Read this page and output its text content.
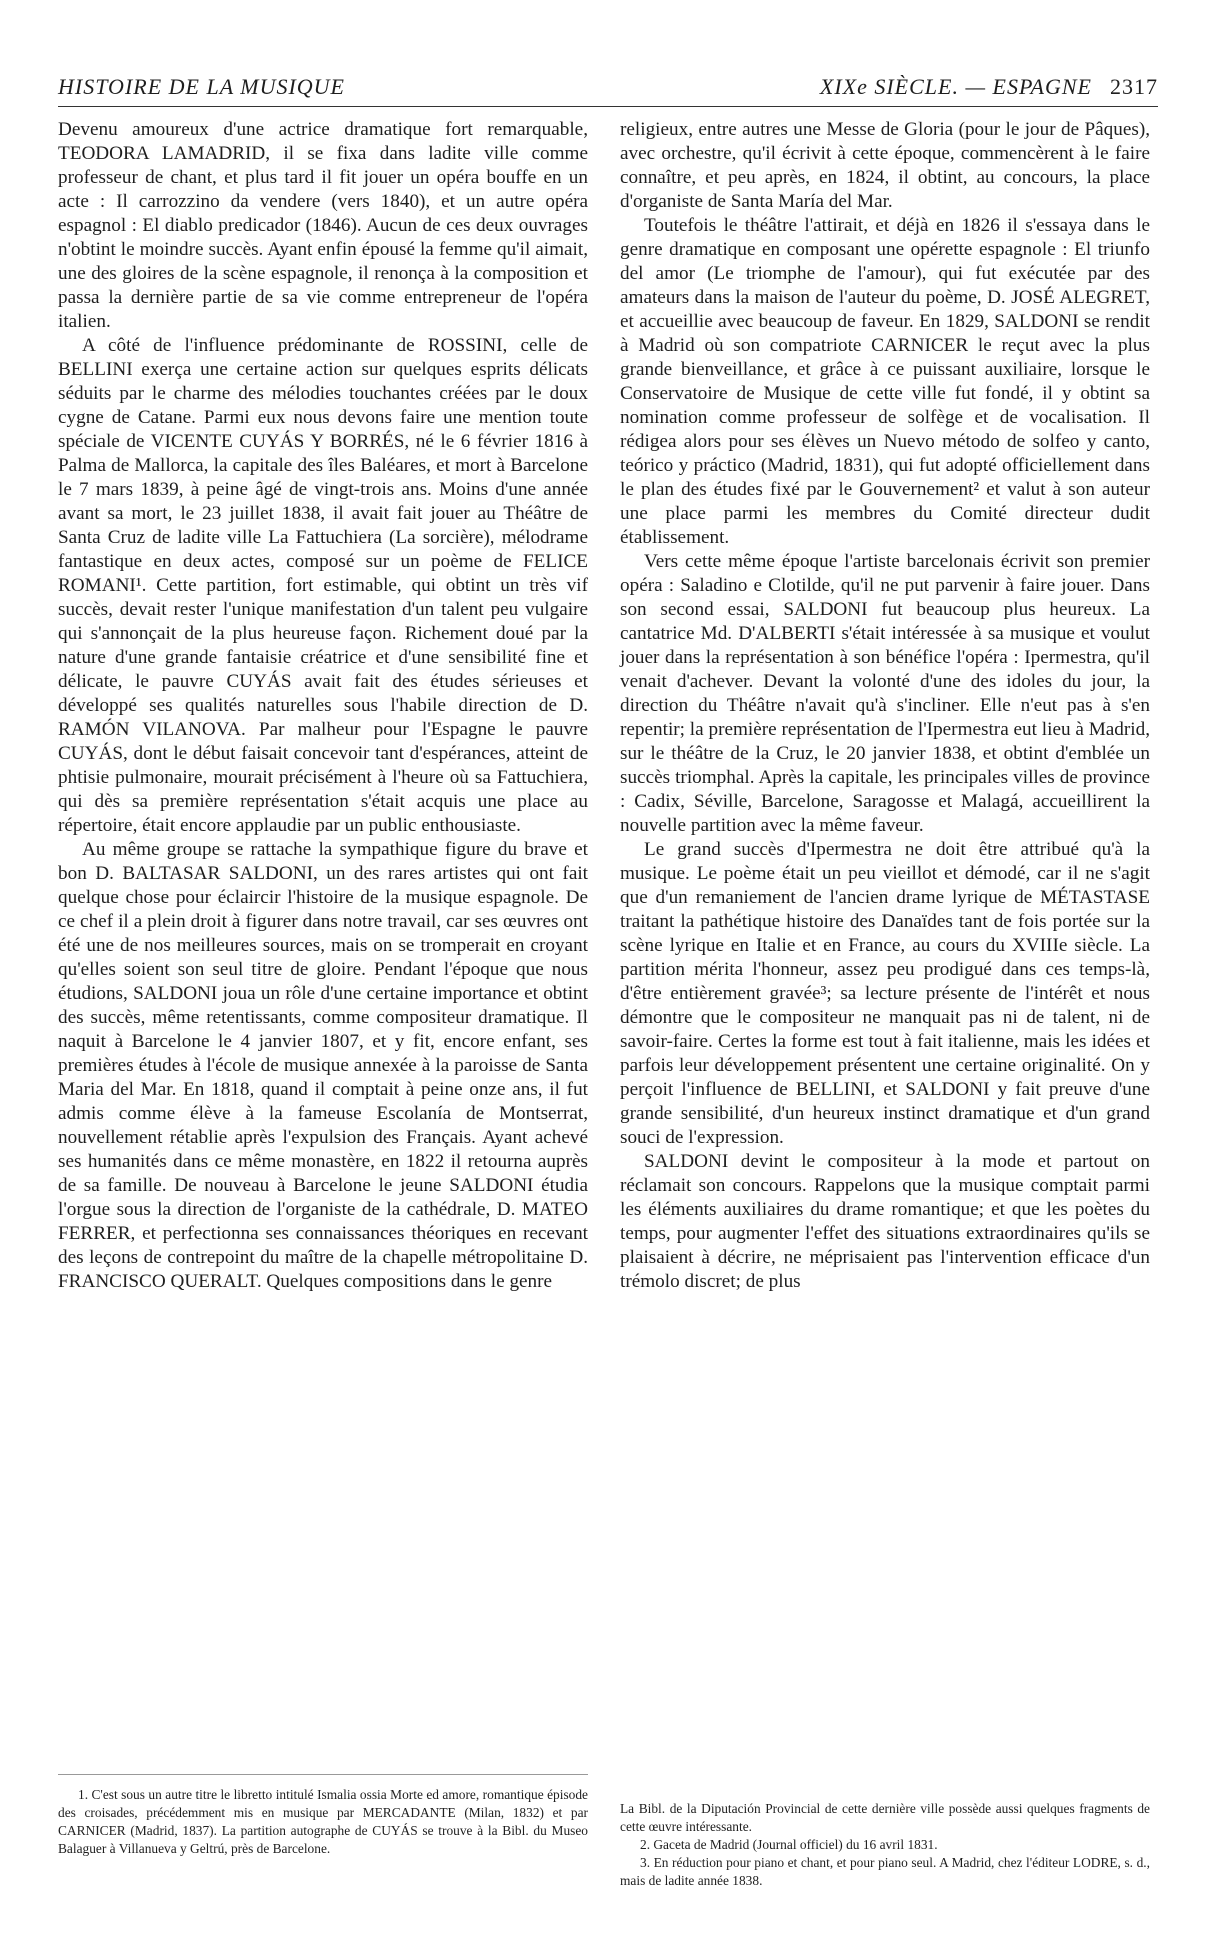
HISTOIRE DE LA MUSIQUE	XIXe SIÈCLE. — ESPAGNE 2317

Devenu amoureux d'une actrice dramatique fort remarquable, TEODORA LAMADRID, il se fixa dans ladite ville comme professeur de chant, et plus tard il fit jouer un opéra bouffe en un acte : Il carrozzino da vendere (vers 1840), et un autre opéra espagnol : El diablo predicador (1846). Aucun de ces deux ouvrages n'obtint le moindre succès. Ayant enfin épousé la femme qu'il aimait, une des gloires de la scène espagnole, il renonça à la composition et passa la dernière partie de sa vie comme entrepreneur de l'opéra italien.

A côté de l'influence prédominante de ROSSINI, celle de BELLINI exerça une certaine action sur quelques esprits délicats séduits par le charme des mélodies touchantes créées par le doux cygne de Catane. Parmi eux nous devons faire une mention toute spéciale de VICENTE CUYÁS Y BORRÉS, né le 6 février 1816 à Palma de Mallorca, la capitale des îles Baléares, et mort à Barcelone le 7 mars 1839, à peine âgé de vingt-trois ans. Moins d'une année avant sa mort, le 23 juillet 1838, il avait fait jouer au Théâtre de Santa Cruz de ladite ville La Fattuchiera (La sorcière), mélodrame fantastique en deux actes, composé sur un poème de FELICE ROMANI¹. Cette partition, fort estimable, qui obtint un très vif succès, devait rester l'unique manifestation d'un talent peu vulgaire qui s'annonçait de la plus heureuse façon. Richement doué par la nature d'une grande fantaisie créatrice et d'une sensibilité fine et délicate, le pauvre CUYÁS avait fait des études sérieuses et développé ses qualités naturelles sous l'habile direction de D. RAMÓN VILANOVA. Par malheur pour l'Espagne le pauvre CUYÁS, dont le début faisait concevoir tant d'espérances, atteint de phtisie pulmonaire, mourait précisément à l'heure où sa Fattuchiera, qui dès sa première représentation s'était acquis une place au répertoire, était encore applaudie par un public enthousiaste.

Au même groupe se rattache la sympathique figure du brave et bon D. BALTASAR SALDONI, un des rares artistes qui ont fait quelque chose pour éclaircir l'histoire de la musique espagnole. De ce chef il a plein droit à figurer dans notre travail, car ses œuvres ont été une de nos meilleures sources, mais on se tromperait en croyant qu'elles soient son seul titre de gloire. Pendant l'époque que nous étudions, SALDONI joua un rôle d'une certaine importance et obtint des succès, même retentissants, comme compositeur dramatique. Il naquit à Barcelone le 4 janvier 1807, et y fit, encore enfant, ses premières études à l'école de musique annexée à la paroisse de Santa Maria del Mar. En 1818, quand il comptait à peine onze ans, il fut admis comme élève à la fameuse Escolanía de Montserrat, nouvellement rétablie après l'expulsion des Français. Ayant achevé ses humanités dans ce même monastère, en 1822 il retourna auprès de sa famille. De nouveau à Barcelone le jeune SALDONI étudia l'orgue sous la direction de l'organiste de la cathédrale, D. MATEO FERRER, et perfectionna ses connaissances théoriques en recevant des leçons de contrepoint du maître de la chapelle métropolitaine D. FRANCISCO QUERALT. Quelques compositions dans le genre

religieux, entre autres une Messe de Gloria (pour le jour de Pâques), avec orchestre, qu'il écrivit à cette époque, commencèrent à le faire connaître, et peu après, en 1824, il obtint, au concours, la place d'organiste de Santa María del Mar.

Toutefois le théâtre l'attirait, et déjà en 1826 il s'essaya dans le genre dramatique en composant une opérette espagnole : El triunfo del amor (Le triomphe de l'amour), qui fut exécutée par des amateurs dans la maison de l'auteur du poème, D. JOSÉ ALEGRET, et accueillie avec beaucoup de faveur. En 1829, SALDONI se rendit à Madrid où son compatriote CARNICER le reçut avec la plus grande bienveillance, et grâce à ce puissant auxiliaire, lorsque le Conservatoire de Musique de cette ville fut fondé, il y obtint sa nomination comme professeur de solfège et de vocalisation. Il rédigea alors pour ses élèves un Nuevo método de solfeo y canto, teórico y práctico (Madrid, 1831), qui fut adopté officiellement dans le plan des études fixé par le Gouvernement² et valut à son auteur une place parmi les membres du Comité directeur dudit établissement.

Vers cette même époque l'artiste barcelonais écrivit son premier opéra : Saladino e Clotilde, qu'il ne put parvenir à faire jouer. Dans son second essai, SALDONI fut beaucoup plus heureux. La cantatrice Md. D'ALBERTI s'était intéressée à sa musique et voulut jouer dans la représentation à son bénéfice l'opéra : Ipermestra, qu'il venait d'achever. Devant la volonté d'une des idoles du jour, la direction du Théâtre n'avait qu'à s'incliner. Elle n'eut pas à s'en repentir; la première représentation de l'Ipermestra eut lieu à Madrid, sur le théâtre de la Cruz, le 20 janvier 1838, et obtint d'emblée un succès triomphal. Après la capitale, les principales villes de province : Cadix, Séville, Barcelone, Saragosse et Malagá, accueillirent la nouvelle partition avec la même faveur.

Le grand succès d'Ipermestra ne doit être attribué qu'à la musique. Le poème était un peu vieillot et démodé, car il ne s'agit que d'un remaniement de l'ancien drame lyrique de MÉTASTASE traitant la pathétique histoire des Danaïdes tant de fois portée sur la scène lyrique en Italie et en France, au cours du XVIIIe siècle. La partition mérita l'honneur, assez peu prodigué dans ces temps-là, d'être entièrement gravée³; sa lecture présente de l'intérêt et nous démontre que le compositeur ne manquait pas ni de talent, ni de savoir-faire. Certes la forme est tout à fait italienne, mais les idées et parfois leur développement présentent une certaine originalité. On y perçoit l'influence de BELLINI, et SALDONI y fait preuve d'une grande sensibilité, d'un heureux instinct dramatique et d'un grand souci de l'expression.

SALDONI devint le compositeur à la mode et partout on réclamait son concours. Rappelons que la musique comptait parmi les éléments auxiliaires du drame romantique; et que les poètes du temps, pour augmenter l'effet des situations extraordinaires qu'ils se plaisaient à décrire, ne méprisaient pas l'intervention efficace d'un trémolo discret; de plus

1. C'est sous un autre titre le libretto intitulé Ismalia ossia Morte ed amore, romantique épisode des croisades, précédemment mis en musique par MERCADANTE (Milan, 1832) et par CARNICER (Madrid, 1837). La partition autographe de CUYÁS se trouve à la Bibl. du Museo Balaguer à Villanueva y Geltrú, près de Barcelone.

La Bibl. de la Diputación Provincial de cette dernière ville possède aussi quelques fragments de cette œuvre intéressante.

2. Gaceta de Madrid (Journal officiel) du 16 avril 1831.

3. En réduction pour piano et chant, et pour piano seul. A Madrid, chez l'éditeur LODRE, s. d., mais de ladite année 1838.
